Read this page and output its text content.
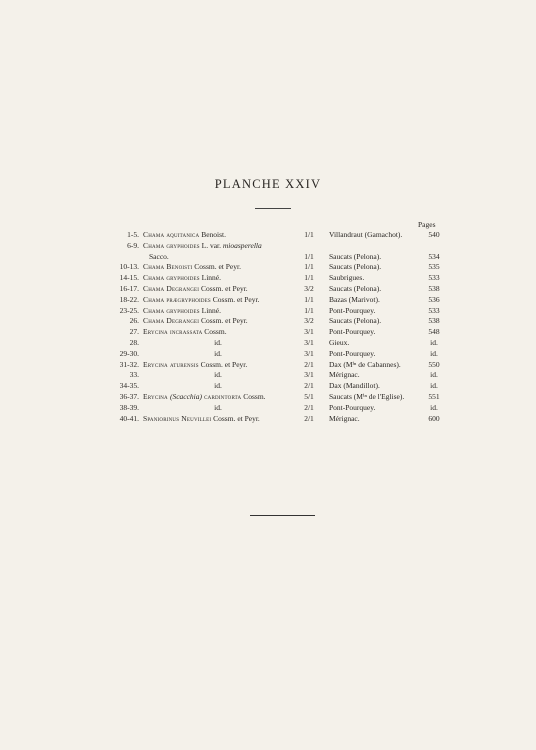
PLANCHE XXIV
Pages
1-5. Chama aquitanica Benoist.	1/1	Villandraut (Gamachot).	540
6-9. Chama gryphoides L. var. mioasperella
Sacco.	1/1	Saucats (Pelona).	534
10-13. Chama Benoisti Cossm. et Peyr.	1/1	Saucats (Pelona).	535
14-15. Chama gryphoides Linné.	1/1	Saubrigues.	533
16-17. Chama Degrangei Cossm. et Peyr.	3/2	Saucats (Pelona).	538
18-22. Chama prægryphoides Cossm. et Peyr.	1/1	Bazas (Marivot).	536
23-25. Chama gryphoides Linné.	1/1	Pont-Pourquey.	533
26. Chama Degrangei Cossm. et Peyr.	3/2	Saucats (Pelona).	538
27. Erycina incrassata Cossm.	3/1	Pont-Pourquey.	548
28.	id.	3/1	Gieux.	id.
29-30.	id.	3/1	Pont-Pourquey.	id.
31-32. Erycina aturensis Cossm. et Peyr.	2/1	Dax (Mⁱⁿ de Cabannes).	550
33.	id.	3/1	Mérignac.	id.
34-35.	id.	2/1	Dax (Mandillot).	id.
36-37. Erycina (Scacchia) cardintorta Cossm.	5/1	Saucats (Mⁱⁿ de l'Eglise).	551
38-39.	id.	2/1	Pont-Pourquey.	id.
40-41. Spaniorinus Neuvillei Cossm. et Peyr.	2/1	Mérignac.	600
